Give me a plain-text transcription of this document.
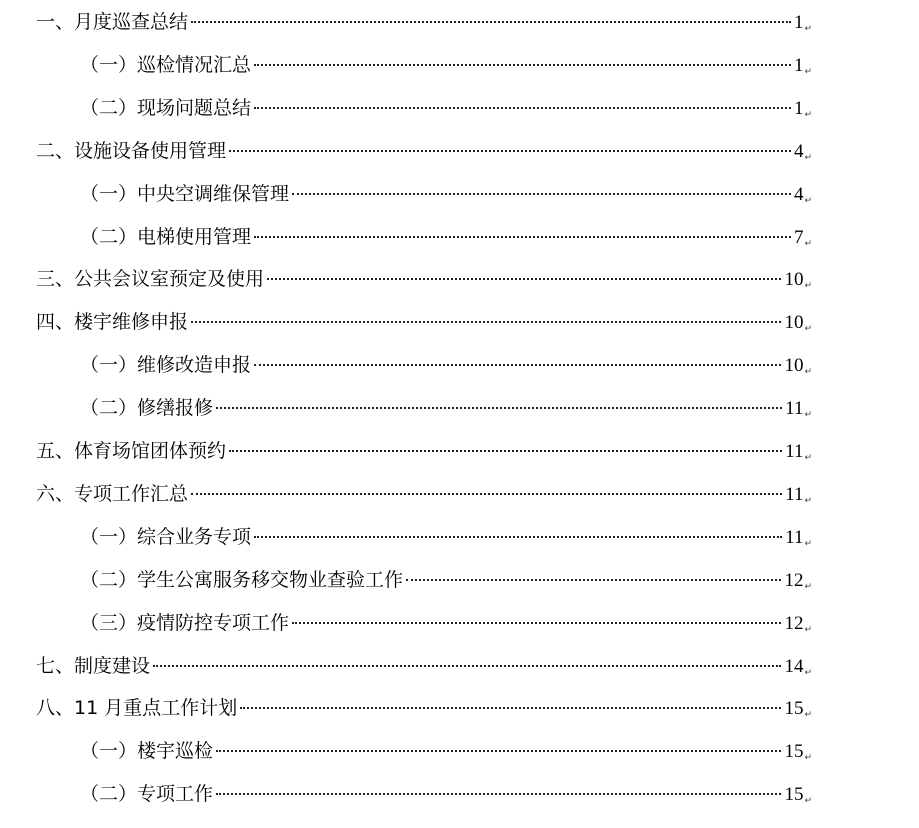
一、月度巡查总结	1 ↵
（一）巡检情况汇总	1 ↵
（二）现场问题总结	1 ↵
二、设施设备使用管理	4 ↵
（一）中央空调维保管理	4 ↵
（二）电梯使用管理	7 ↵
三、公共会议室预定及使用	10 ↵
四、楼宇维修申报	10 ↵
（一）维修改造申报	10 ↵
（二）修缮报修	11 ↵
五、体育场馆团体预约	11 ↵
六、专项工作汇总	11 ↵
（一）综合业务专项	11 ↵
（二）学生公寓服务移交物业查验工作	12 ↵
（三）疫情防控专项工作	12 ↵
七、制度建设	14 ↵
八、11 月重点工作计划	15 ↵
（一）楼宇巡检	15 ↵
（二）专项工作	15 ↵
